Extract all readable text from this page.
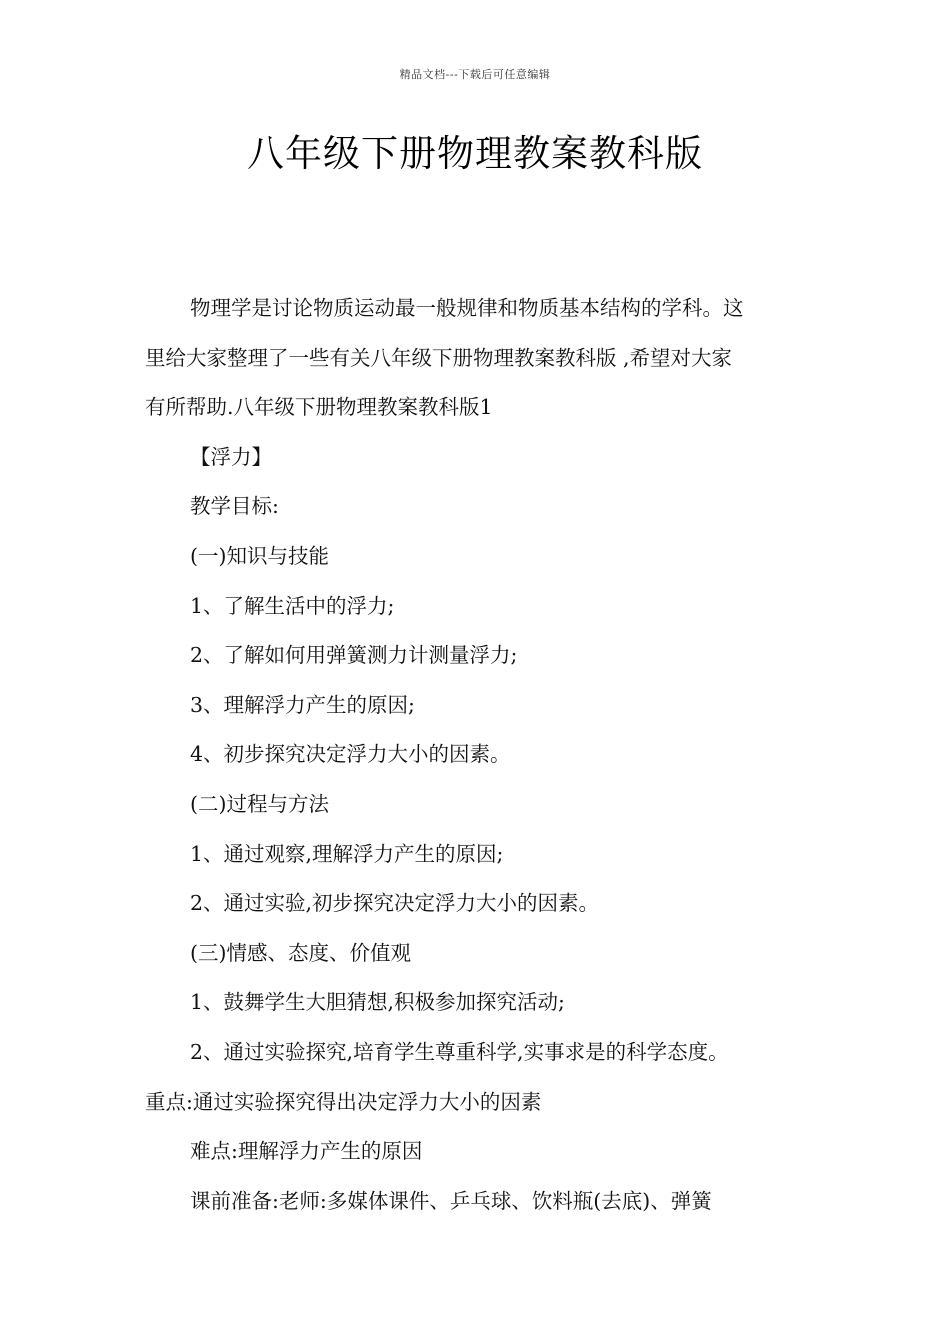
精品文档---下载后可任意编辑
八年级下册物理教案教科版

物理学是讨论物质运动最一般规律和物质基本结构的学科。这

里给大家整理了一些有关八年级下册物理教案教科版 ,希望对大家

有所帮助.八年级下册物理教案教科版1

【浮力】

教学目标:

(一)知识与技能

1、了解生活中的浮力;

2、了解如何用弹簧测力计测量浮力;

3、理解浮力产生的原因;

4、初步探究决定浮力大小的因素。

(二)过程与方法

1、通过观察,理解浮力产生的原因;

2、通过实验,初步探究决定浮力大小的因素。

(三)情感、态度、价值观

1、鼓舞学生大胆猜想,积极参加探究活动;

2、通过实验探究,培育学生尊重科学,实事求是的科学态度。

重点:通过实验探究得出决定浮力大小的因素

难点:理解浮力产生的原因

课前准备:老师:多媒体课件、乒乓球、饮料瓶(去底)、弹簧
